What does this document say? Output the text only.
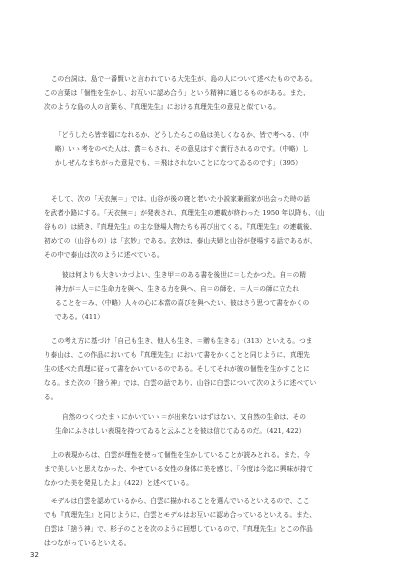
この台詞は、島で一番賢いと言われている大先生が、島の人について述べたものである。
この言葉は「個性を生かし、お互いに認め合う」という精神に通じるものがある。また、
次のような島の人の言葉も、『真理先生』における真理先生の意見と似ている。

「どうしたら皆幸福になれるか、どうしたらこの島は美しくなるか、皆で考へる、（中
略）いゝ考をのべた人は、賞＝もされ、その意見はすぐ實行されるのです。（中略）し
かしぜんなまちがった意見でも、＝飛はされないことになつてゐるのです」（395）

そして、次の「天衣無＝」では、山谷が後の寝と老いた小説家兼画家が出会った時の話
を武者小路にする。「天衣無＝」が発表され、真理先生の連載が終わった 1950 年以降も、（山
谷もの）は続き、『真理先生』の主な登場人物たちも再び出てくる。『真理先生』の連載後、
初めての（山谷もの）は「玄妙」である。玄妙は、泰山夫婦と山谷が登場する話であるが、
その中で泰山は次のように述べている。

彼は何よりも大きいカづよい、生き甲＝のある書を後世に＝したかつた。自＝の精
神力が＝人＝に生命力を與へ、生きる力を與へ、自＝の師を、＝人＝の師に立たれ
ることを＝み、（中略）人々の心に本當の喜びを與へたい、彼はさう思つて書をかくの
である。（411）

この考え方に基づけ「自己も生き、他人も生き、＝贈も生きる」（313）といえる。つま
り泰山は、この作品においても『真理先生』において書をかくことと同じように、真理先
生の述べた真理に従って書をかいているのである。そしてそれが彼の個性を生かすことに
なる。また次の「捨う神」では、白雲の話であり、山谷に白雲について次のように述べてい
る。

自然のつくつたまゝにかいていゝ＝が出来ないはずはない、又自然の生命は、その
生命にふさはしい表現を持つてゐると云ふことを彼は信じてゐるのだ。（421, 422）

上の表現からは、白雲が理性を使って個性を生かしていることが読みとれる。また、今
まで美しいと思えなかった、やせている女性の身体に美を感じ、「今度は今迄に興味が持て
なかつた美を発見したよ」（422）と述べている。

モデルは白雲を認めているから、白雲に描かれることを選んでいるといえるので、ここ
でも『真理先生』と同じように、白雲とモデルはお互いに認め合っているといえる。また、
白雲は「捨う神」で、杉子のことを次のように回想しているので、『真理先生』とこの作品
はつながっているといえる。

32
